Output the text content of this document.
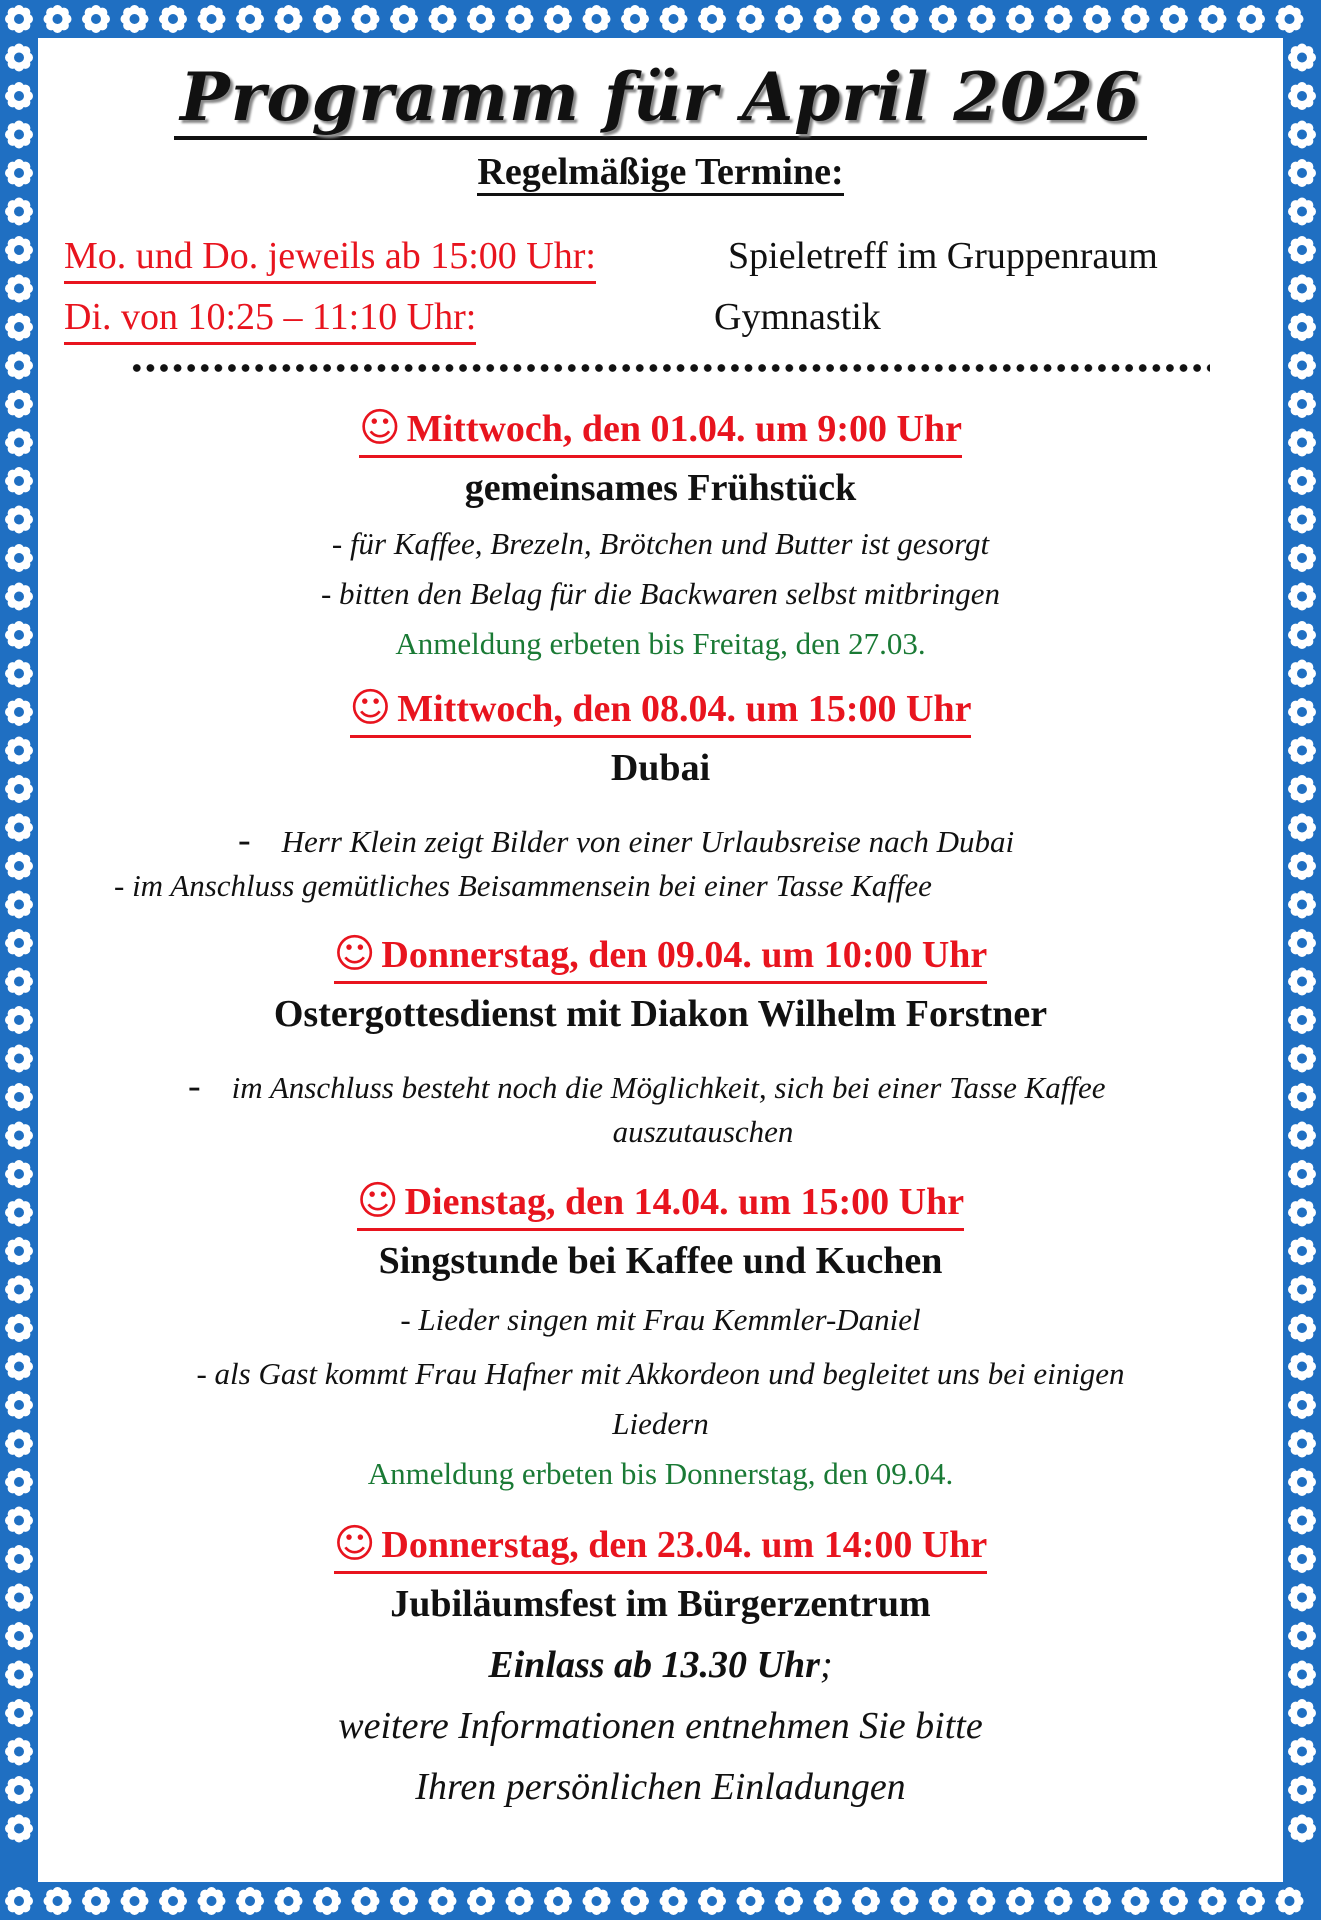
Programm für April 2026
Regelmäßige Termine:
Mo. und Do. jeweils ab 15:00 Uhr:	Spieletreff im Gruppenraum
Di. von 10:25 – 11:10 Uhr:	Gymnastik
☺ Mittwoch, den 01.04. um 9:00 Uhr
gemeinsames Frühstück
- für Kaffee, Brezeln, Brötchen und Butter ist gesorgt
- bitten den Belag für die Backwaren selbst mitbringen
Anmeldung erbeten bis Freitag, den 27.03.
☺ Mittwoch, den 08.04. um 15:00 Uhr
Dubai
- Herr Klein zeigt Bilder von einer Urlaubsreise nach Dubai
- im Anschluss gemütliches Beisammensein bei einer Tasse Kaffee
☺ Donnerstag, den 09.04. um 10:00 Uhr
Ostergottesdienst mit Diakon Wilhelm Forstner
- im Anschluss besteht noch die Möglichkeit, sich bei einer Tasse Kaffee
auszutauschen
☺ Dienstag, den 14.04. um 15:00 Uhr
Singstunde bei Kaffee und Kuchen
- Lieder singen mit Frau Kemmler-Daniel
- als Gast kommt Frau Hafner mit Akkordeon und begleitet uns bei einigen
Liedern
Anmeldung erbeten bis Donnerstag, den 09.04.
☺ Donnerstag, den 23.04. um 14:00 Uhr
Jubiläumsfest im Bürgerzentrum
Einlass ab 13.30 Uhr;
weitere Informationen entnehmen Sie bitte
Ihren persönlichen Einladungen
